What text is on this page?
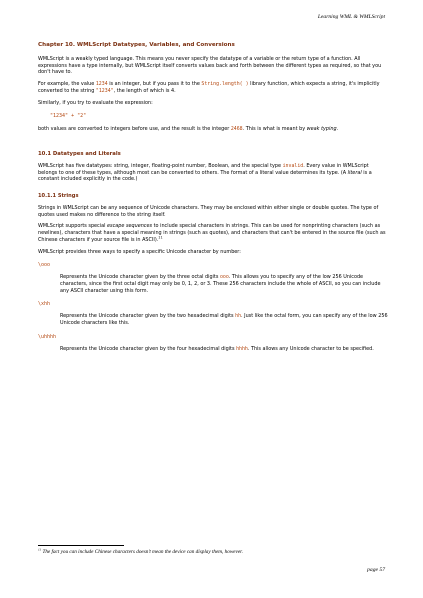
Learning WML & WMLScript
Chapter 10. WMLScript Datatypes, Variables, and Conversions

WMLScript is a weakly typed language. This means you never specify the datatype of a variable or the return type of a function. All expressions have a type internally, but WMLScript itself converts values back and forth between the different types as required, so that you don't have to.

For example, the value 1234 is an integer, but if you pass it to the String.length( ) library function, which expects a string, it's implicitly converted to the string "1234", the length of which is 4.

Similarly, if you try to evaluate the expression:

"1234" + "2"

both values are converted to integers before use, and the result is the integer 2468. This is what is meant by weak typing.

10.1 Datatypes and Literals

WMLScript has five datatypes: string, integer, floating-point number, Boolean, and the special type invalid. Every value in WMLScript belongs to one of these types, although most can be converted to others. The format of a literal value determines its type. (A literal is a constant included explicitly in the code.)

10.1.1 Strings

Strings in WMLScript can be any sequence of Unicode characters. They may be enclosed within either single or double quotes. The type of quotes used makes no difference to the string itself.

WMLScript supports special escape sequences to include special characters in strings. This can be used for nonprinting characters (such as newlines), characters that have a special meaning in strings (such as quotes), and characters that can't be entered in the source file (such as Chinese characters if your source file is in ASCII).$^{11}$

WMLScript provides three ways to specify a specific Unicode character by number:

\ooo

Represents the Unicode character given by the three octal digits ooo. This allows you to specify any of the low 256 Unicode characters, since the first octal digit may only be 0, 1, 2, or 3. These 256 characters include the whole of ASCII, so you can include any ASCII character using this form.

\xhh

Represents the Unicode character given by the two hexadecimal digits hh. Just like the octal form, you can specify any of the low 256 Unicode characters like this.

\uhhhh

Represents the Unicode character given by the four hexadecimal digits hhhh. This allows any Unicode character to be specified.

$^{11}$ The fact you can include Chinese characters doesn't mean the device can display them, however.
page 57
